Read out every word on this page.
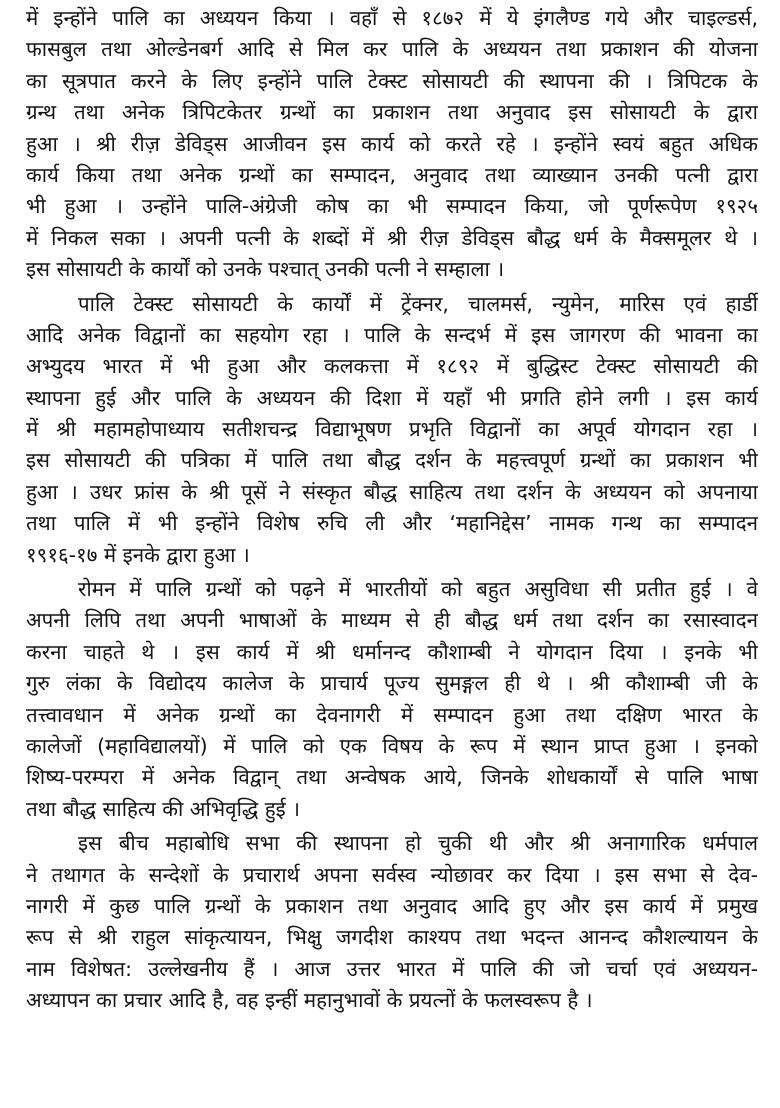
में इन्होंने पालि का अध्ययन किया । वहाँ से १८७२ में ये इंगलैण्ड गये और चाइल्डर्स,
फासबुल तथा ओल्डेनबर्ग आदि से मिल कर पालि के अध्ययन तथा प्रकाशन की योजना
का सूत्रपात करने के लिए इन्होंने पालि टेक्स्ट सोसायटी की स्थापना की । त्रिपिटक के
ग्रन्थ तथा अनेक त्रिपिटकेतर ग्रन्थों का प्रकाशन तथा अनुवाद इस सोसायटी के द्वारा
हुआ । श्री रीज़ डेविड्स आजीवन इस कार्य को करते रहे । इन्होंने स्वयं बहुत अधिक
कार्य किया तथा अनेक ग्रन्थों का सम्पादन, अनुवाद तथा व्याख्यान उनकी पत्नी द्वारा
भी हुआ । उन्होंने पालि-अंग्रेजी कोष का भी सम्पादन किया, जो पूर्णरूपेण १९२५
में निकल सका । अपनी पत्नी के शब्दों में श्री रीज़ डेविड्स बौद्ध धर्म के मैक्समूलर थे ।
इस सोसायटी के कार्यों को उनके पश्चात् उनकी पत्नी ने सम्हाला ।
पालि टेक्स्ट सोसायटी के कार्यों में ट्रेंक्नर, चालमर्स, न्युमेन, मारिस एवं हार्डी
आदि अनेक विद्वानों का सहयोग रहा । पालि के सन्दर्भ में इस जागरण की भावना का
अभ्युदय भारत में भी हुआ और कलकत्ता में १८९२ में बुद्धिस्ट टेक्स्ट सोसायटी की
स्थापना हुई और पालि के अध्ययन की दिशा में यहाँ भी प्रगति होने लगी । इस कार्य
में श्री महामहोपाध्याय सतीशचन्द्र विद्याभूषण प्रभृति विद्वानों का अपूर्व योगदान रहा ।
इस सोसायटी की पत्रिका में पालि तथा बौद्ध दर्शन के महत्त्वपूर्ण ग्रन्थों का प्रकाशन भी
हुआ । उधर फ्रांस के श्री पूसें ने संस्कृत बौद्ध साहित्य तथा दर्शन के अध्ययन को अपनाया
तथा पालि में भी इन्होंने विशेष रुचि ली और ‘महानिद्देस’ नामक गन्थ का सम्पादन
१९१६-१७ में इनके द्वारा हुआ ।
रोमन में पालि ग्रन्थों को पढ़ने में भारतीयों को बहुत असुविधा सी प्रतीत हुई । वे
अपनी लिपि तथा अपनी भाषाओं के माध्यम से ही बौद्ध धर्म तथा दर्शन का रसास्वादन
करना चाहते थे । इस कार्य में श्री धर्मानन्द कौशाम्बी ने योगदान दिया । इनके भी
गुरु लंका के विद्योदय कालेज के प्राचार्य पूज्य सुमङ्गल ही थे । श्री कौशाम्बी जी के
तत्त्वावधान में अनेक ग्रन्थों का देवनागरी में सम्पादन हुआ तथा दक्षिण भारत के
कालेजों (महाविद्यालयों) में पालि को एक विषय के रूप में स्थान प्राप्त हुआ । इनको
शिष्य-परम्परा में अनेक विद्वान् तथा अन्वेषक आये, जिनके शोधकार्यों से पालि भाषा
तथा बौद्ध साहित्य की अभिवृद्धि हुई ।
इस बीच महाबोधि सभा की स्थापना हो चुकी थी और श्री अनागारिक धर्मपाल
ने तथागत के सन्देशों के प्रचारार्थ अपना सर्वस्व न्योछावर कर दिया । इस सभा से देव-
नागरी में कुछ पालि ग्रन्थों के प्रकाशन तथा अनुवाद आदि हुए और इस कार्य में प्रमुख
रूप से श्री राहुल सांकृत्यायन, भिक्षु जगदीश काश्यप तथा भदन्त आनन्द कौशल्यायन के
नाम विशेषत: उल्लेखनीय हैं । आज उत्तर भारत में पालि की जो चर्चा एवं अध्ययन-
अध्यापन का प्रचार आदि है, वह इन्हीं महानुभावों के प्रयत्नों के फलस्वरूप है ।
